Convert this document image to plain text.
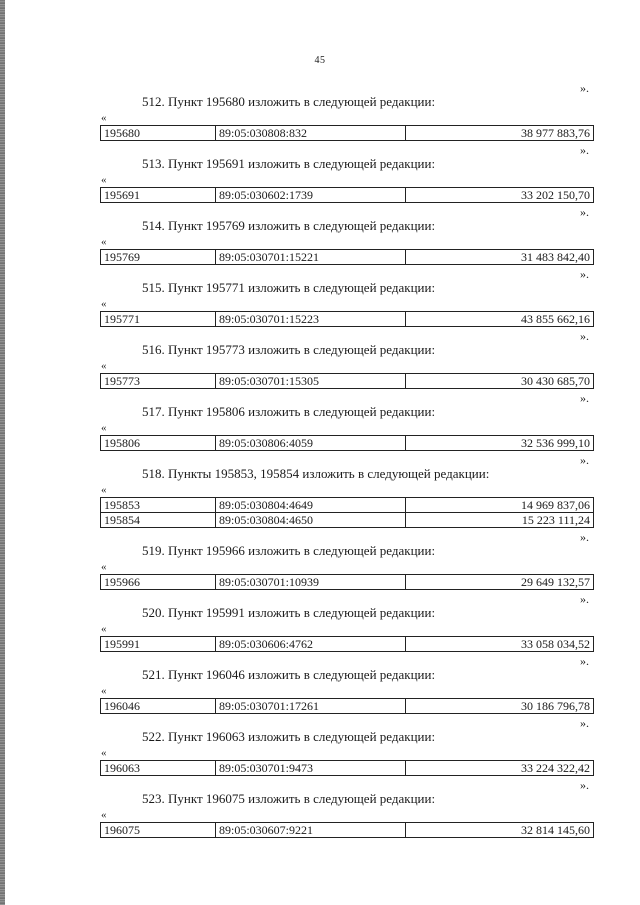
45
».
512. Пункт 195680 изложить в следующей редакции:
«
195680	89:05:030808:832	38 977 883,76
».
513. Пункт 195691 изложить в следующей редакции:
«
195691	89:05:030602:1739	33 202 150,70
».
514. Пункт 195769 изложить в следующей редакции:
«
195769	89:05:030701:15221	31 483 842,40
».
515. Пункт 195771 изложить в следующей редакции:
«
195771	89:05:030701:15223	43 855 662,16
».
516. Пункт 195773 изложить в следующей редакции:
«
195773	89:05:030701:15305	30 430 685,70
».
517. Пункт 195806 изложить в следующей редакции:
«
195806	89:05:030806:4059	32 536 999,10
».
518. Пункты 195853, 195854 изложить в следующей редакции:
«
195853	89:05:030804:4649	14 969 837,06
195854	89:05:030804:4650	15 223 111,24
».
519. Пункт 195966 изложить в следующей редакции:
«
195966	89:05:030701:10939	29 649 132,57
».
520. Пункт 195991 изложить в следующей редакции:
«
195991	89:05:030606:4762	33 058 034,52
».
521. Пункт 196046 изложить в следующей редакции:
«
196046	89:05:030701:17261	30 186 796,78
».
522. Пункт 196063 изложить в следующей редакции:
«
196063	89:05:030701:9473	33 224 322,42
».
523. Пункт 196075 изложить в следующей редакции:
«
196075	89:05:030607:9221	32 814 145,60
